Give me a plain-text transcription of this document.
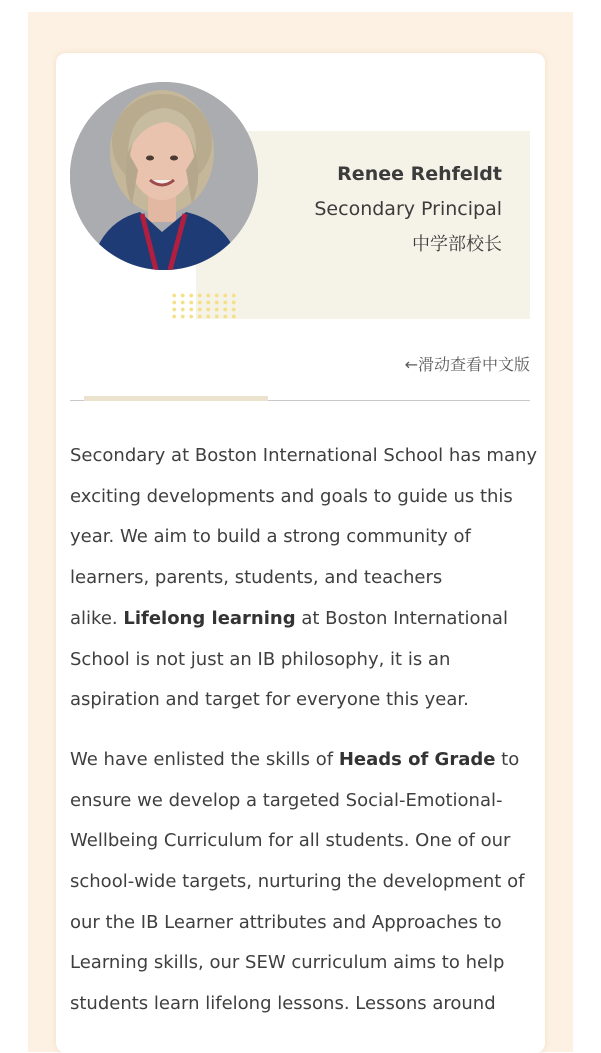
Renee Rehfeldt
Secondary Principal
中学部校长
←滑动查看中文版

Secondary at Boston International School has many
exciting developments and goals to guide us this
year. We aim to build a strong community of
learners, parents, students, and teachers
alike. Lifelong learning at Boston International
School is not just an IB philosophy, it is an
aspiration and target for everyone this year.

We have enlisted the skills of Heads of Grade to
ensure we develop a targeted Social-Emotional-
Wellbeing Curriculum for all students. One of our
school-wide targets, nurturing the development of
our the IB Learner attributes and Approaches to
Learning skills, our SEW curriculum aims to help
students learn lifelong lessons. Lessons around
